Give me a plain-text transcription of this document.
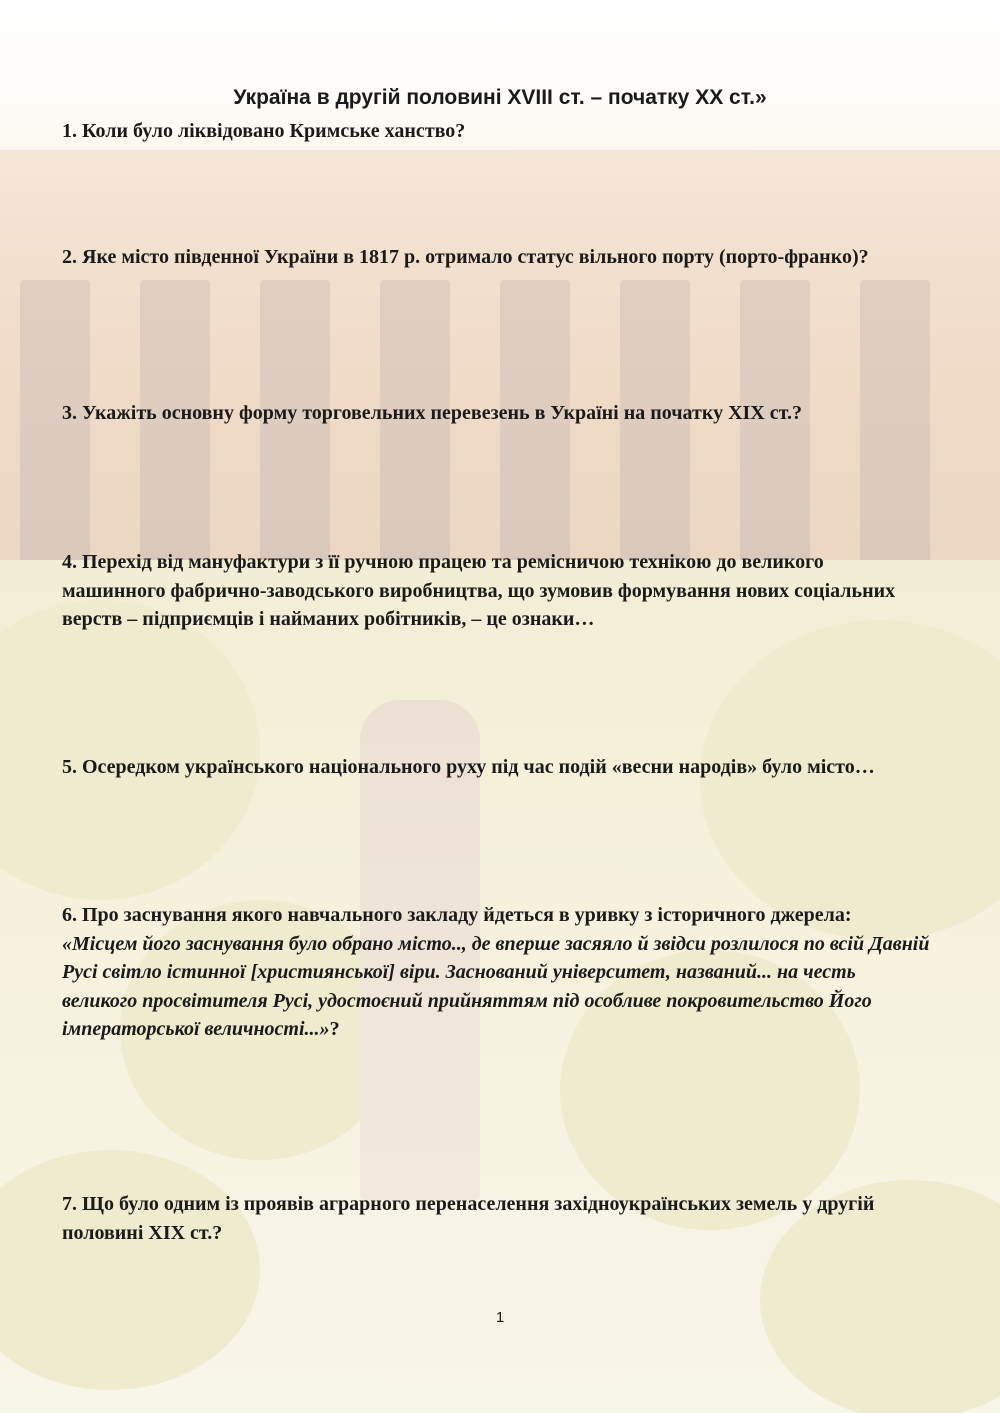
Україна в другій половині XVIII ст. – початку XX ст.»

1. Коли було ліквідовано Кримське ханство?

2. Яке місто південної України в 1817 р. отримало статус вільного порту (порто-франко)?

3. Укажіть основну форму торговельних перевезень в Україні на початку XIX ст.?

4. Перехід від мануфактури з її ручною працею та ремісничою технікою до великого машинного фабрично-заводського виробництва, що зумовив формування нових соціальних верств – підприємців і найманих робітників, – це ознаки…

5. Осередком українського національного руху під час подій «весни народів» було місто…

6. Про заснування якого навчального закладу йдеться в уривку з історичного джерела:
«Місцем його заснування було обрано місто.., де вперше засяяло й звідси розлилося по всій Давній Русі світло істинної [християнської] віри. Заснований університет, названий... на честь великого просвітителя Русі, удостоєний прийняттям під особливе покровительство Його імператорської величності...»?

7. Що було одним із проявів аграрного перенаселення західноукраїнських земель у другій половині XIX ст.?

1
